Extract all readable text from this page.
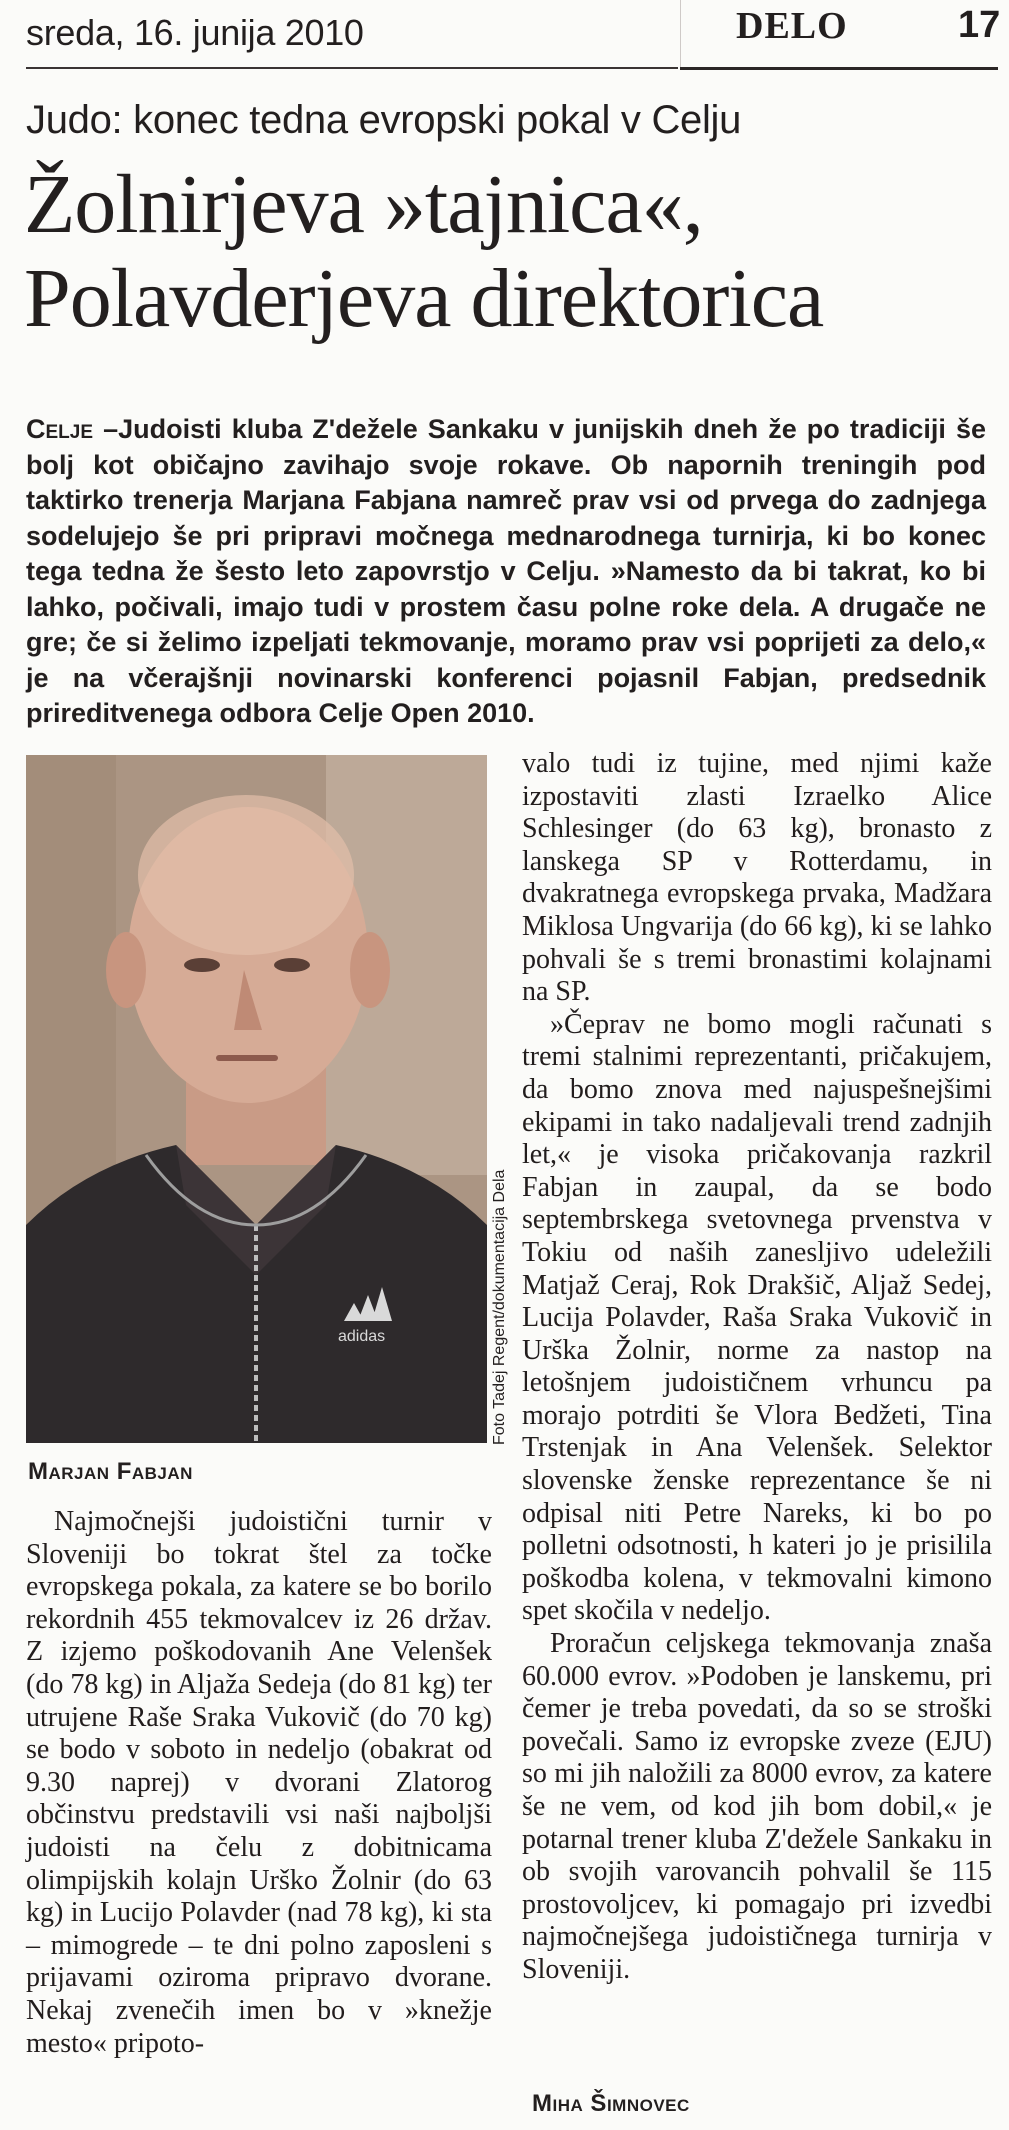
sreda, 16. junija 2010	DELO	17
Judo: konec tedna evropski pokal v Celju
Žolnirjeva »tajnica«,
Polavderjeva direktorica

Celje –Judoisti kluba Z'dežele Sankaku v junijskih dneh že po tradiciji še bolj kot običajno zavihajo svoje rokave. Ob napornih treningih pod taktirko trenerja Marjana Fabjana namreč prav vsi od prvega do zadnjega sodelujejo še pri pripravi močnega mednarodnega turnirja, ki bo konec tega tedna že šesto leto zapovrstjo v Celju. »Namesto da bi takrat, ko bi lahko, počivali, imajo tudi v prostem času polne roke dela. A drugače ne gre; če si želimo izpeljati tekmovanje, moramo prav vsi poprijeti za delo,« je na včerajšnji novinarski konferenci pojasnil Fabjan, predsednik prireditvenega odbora Celje Open 2010.

adidas	Foto Tadej Regent/dokumentacija Dela
Marjan Fabjan

Najmočnejši judoistični turnir v Sloveniji bo tokrat štel za točke evropskega pokala, za katere se bo borilo rekordnih 455 tekmovalcev iz 26 držav. Z izjemo poškodovanih Ane Velenšek (do 78 kg) in Aljaža Sedeja (do 81 kg) ter utrujene Raše Sraka Vukovič (do 70 kg) se bodo v soboto in nedeljo (obakrat od 9.30 naprej) v dvorani Zlatorog občinstvu predstavili vsi naši najboljši judoisti na čelu z dobitnicama olimpijskih kolajn Urško Žolnir (do 63 kg) in Lucijo Polavder (nad 78 kg), ki sta – mimogrede – te dni polno zaposleni s prijavami oziroma pripravo dvorane. Nekaj zvenečih imen bo v »knežje mesto« pripoto-

valo tudi iz tujine, med njimi kaže izpostaviti zlasti Izraelko Alice Schlesinger (do 63 kg), bronasto z lanskega SP v Rotterdamu, in dvakratnega evropskega prvaka, Madžara Miklosa Ungvarija (do 66 kg), ki se lahko pohvali še s tremi bronastimi kolajnami na SP.
»Čeprav ne bomo mogli računati s tremi stalnimi reprezentanti, pričakujem, da bomo znova med najuspešnejšimi ekipami in tako nadaljevali trend zadnjih let,« je visoka pričakovanja razkril Fabjan in zaupal, da se bodo septembrskega svetovnega prvenstva v Tokiu od naših zanesljivo udeležili Matjaž Ceraj, Rok Drakšič, Aljaž Sedej, Lucija Polavder, Raša Sraka Vukovič in Urška Žolnir, norme za nastop na letošnjem judoističnem vrhuncu pa morajo potrditi še Vlora Bedžeti, Tina Trstenjak in Ana Velenšek. Selektor slovenske ženske reprezentance še ni odpisal niti Petre Nareks, ki bo po polletni odsotnosti, h kateri jo je prisilila poškodba kolena, v tekmovalni kimono spet skočila v nedeljo.
Proračun celjskega tekmovanja znaša 60.000 evrov. »Podoben je lanskemu, pri čemer je treba povedati, da so se stroški povečali. Samo iz evropske zveze (EJU) so mi jih naložili za 8000 evrov, za katere še ne vem, od kod jih bom dobil,« je potarnal trener kluba Z'dežele Sankaku in ob svojih varovancih pohvalil še 115 prostovoljcev, ki pomagajo pri izvedbi najmočnejšega judoističnega turnirja v Sloveniji.
Miha Šimnovec
